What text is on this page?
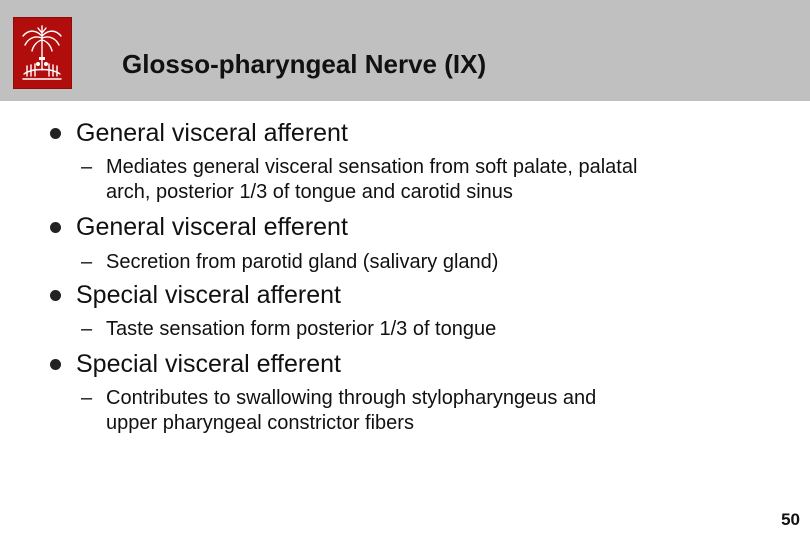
Glosso-pharyngeal Nerve (IX)
General visceral afferent
– Mediates general visceral sensation from soft palate, palatal
arch, posterior 1/3 of tongue and carotid sinus
General visceral efferent
– Secretion from parotid gland (salivary gland)
Special visceral afferent
– Taste sensation form posterior 1/3 of tongue
Special visceral efferent
– Contributes to swallowing through stylopharyngeus and
upper pharyngeal constrictor fibers
50
